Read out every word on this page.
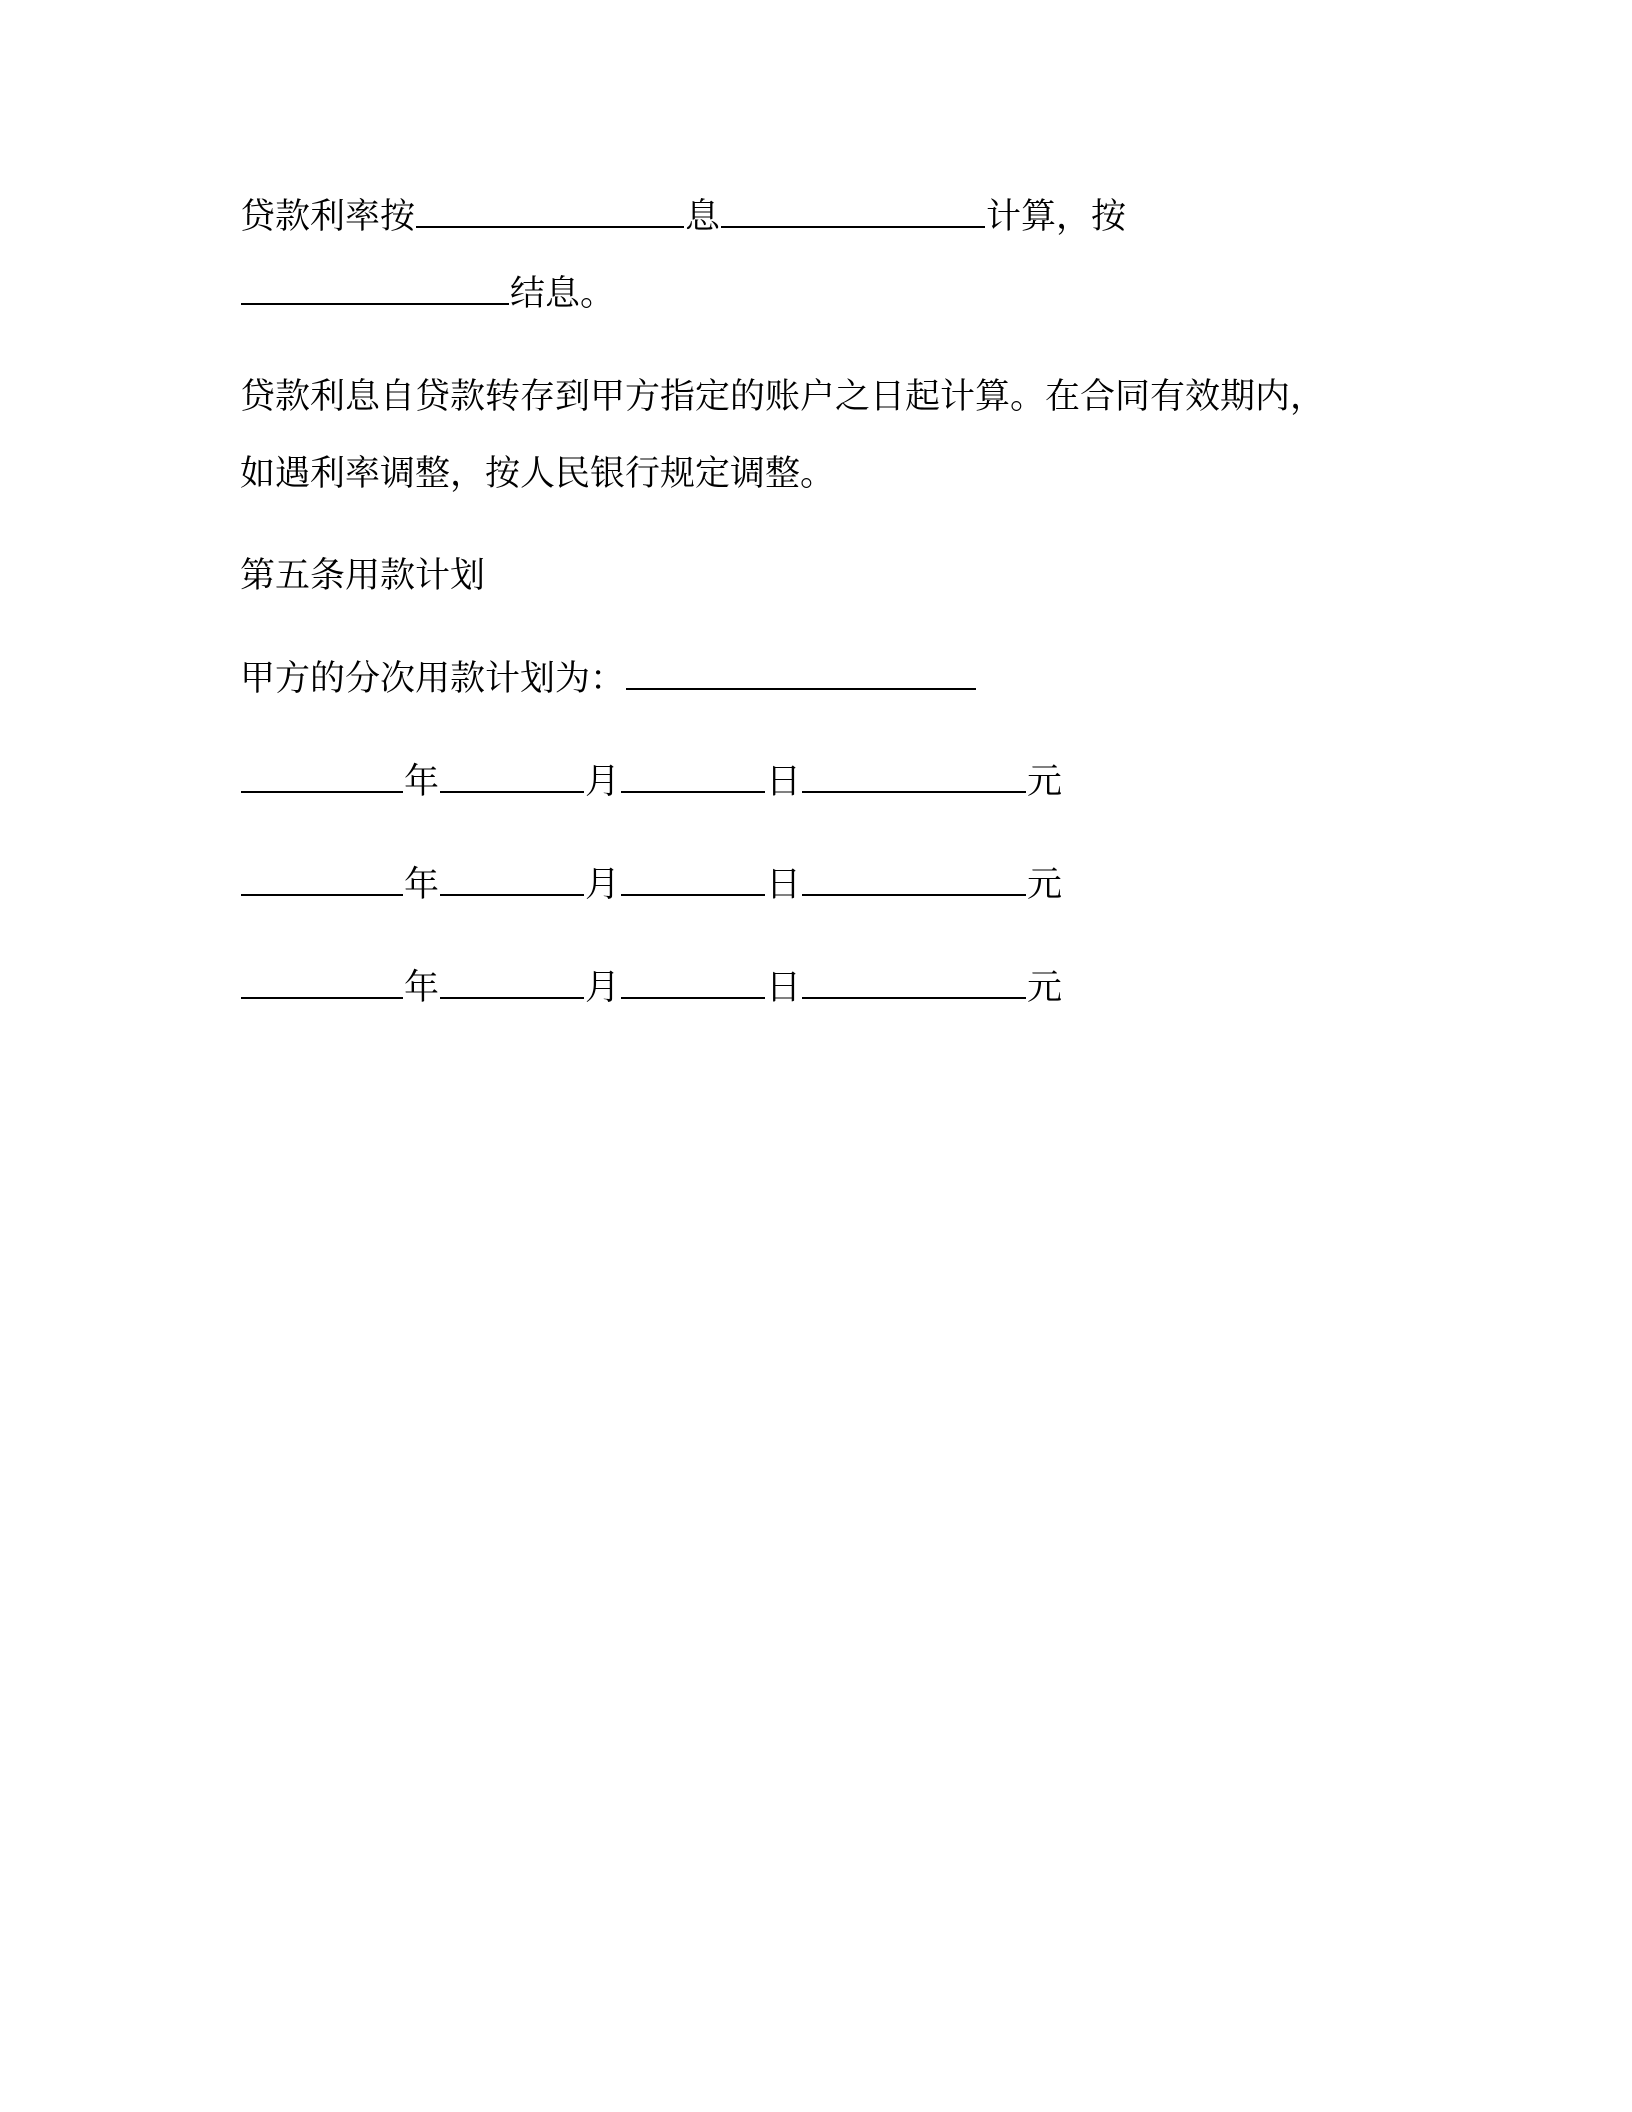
贷款利率按	息	计算，按
结息。
贷款利息自贷款转存到甲方指定的账户之日起计算。在合同有效期内，
如遇利率调整，按人民银行规定调整。
第五条用款计划
甲方的分次用款计划为：
年	月	日	元
年	月	日	元
年	月	日	元
